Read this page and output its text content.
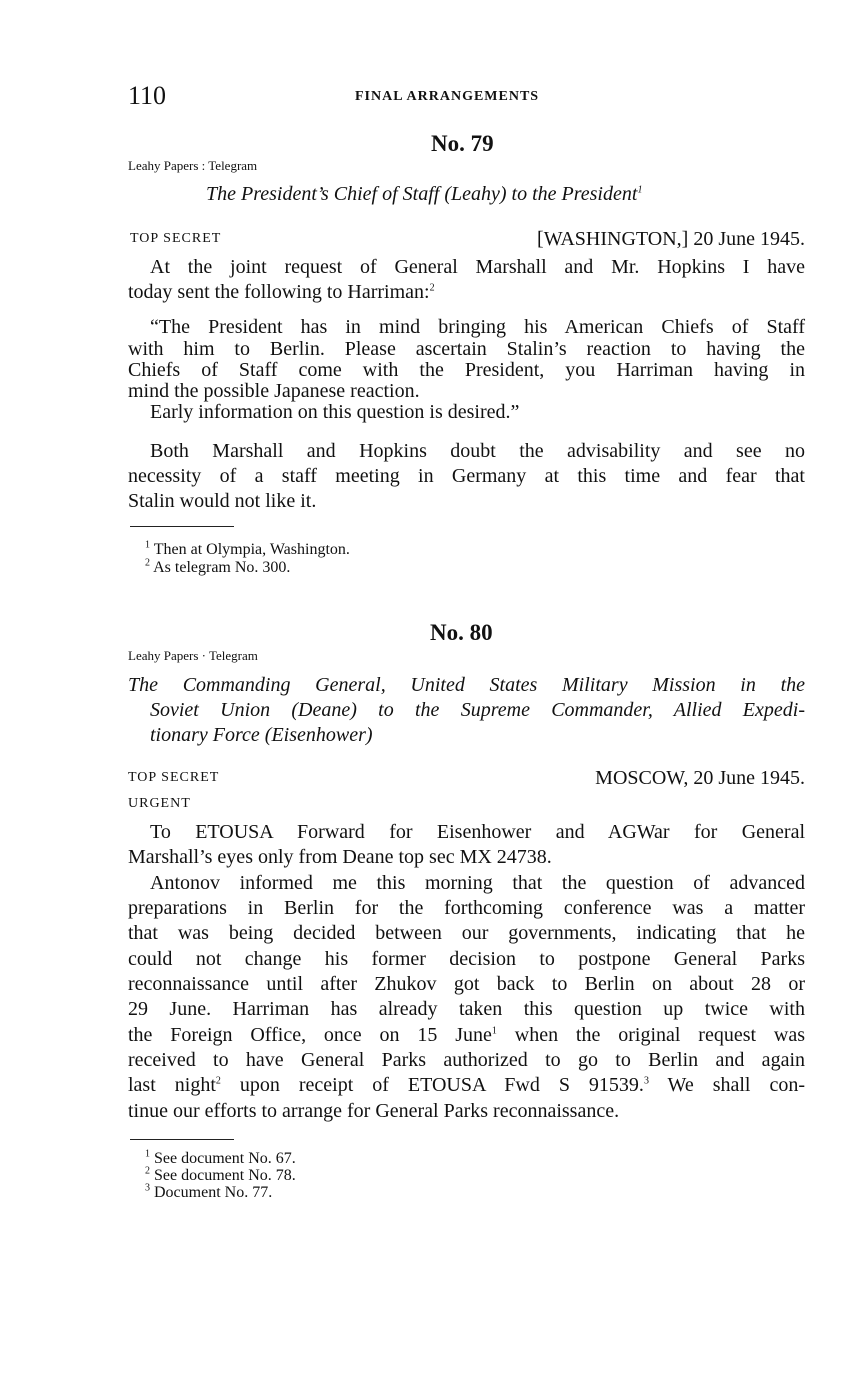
110	FINAL ARRANGEMENTS
No. 79
Leahy Papers : Telegram
The President’s Chief of Staff (Leahy) to the President$^1$
TOP SECRET	[WASHINGTON,] 20 June 1945.
At the joint request of General Marshall and Mr. Hopkins I have
today sent the following to Harriman:$^2$
“The President has in mind bringing his American Chiefs of Staff
with him to Berlin. Please ascertain Stalin’s reaction to having the
Chiefs of Staff come with the President, you Harriman having in
mind the possible Japanese reaction.
Early information on this question is desired.”
Both Marshall and Hopkins doubt the advisability and see no
necessity of a staff meeting in Germany at this time and fear that
Stalin would not like it.
$^1$ Then at Olympia, Washington.
$^2$ As telegram No. 300.
No. 80
Leahy Papers · Telegram
The Commanding General, United States Military Mission in the
Soviet Union (Deane) to the Supreme Commander, Allied Expedi-
tionary Force (Eisenhower)
TOP SECRET	MOSCOW, 20 June 1945.
URGENT
To ETOUSA Forward for Eisenhower and AGWar for General
Marshall’s eyes only from Deane top sec MX 24738.
Antonov informed me this morning that the question of advanced
preparations in Berlin for the forthcoming conference was a matter
that was being decided between our governments, indicating that he
could not change his former decision to postpone General Parks
reconnaissance until after Zhukov got back to Berlin on about 28 or
29 June. Harriman has already taken this question up twice with
the Foreign Office, once on 15 June$^1$ when the original request was
received to have General Parks authorized to go to Berlin and again
last night$^2$ upon receipt of ETOUSA Fwd S 91539.$^3$ We shall con-
tinue our efforts to arrange for General Parks reconnaissance.
$^1$ See document No. 67.
$^2$ See document No. 78.
$^3$ Document No. 77.
